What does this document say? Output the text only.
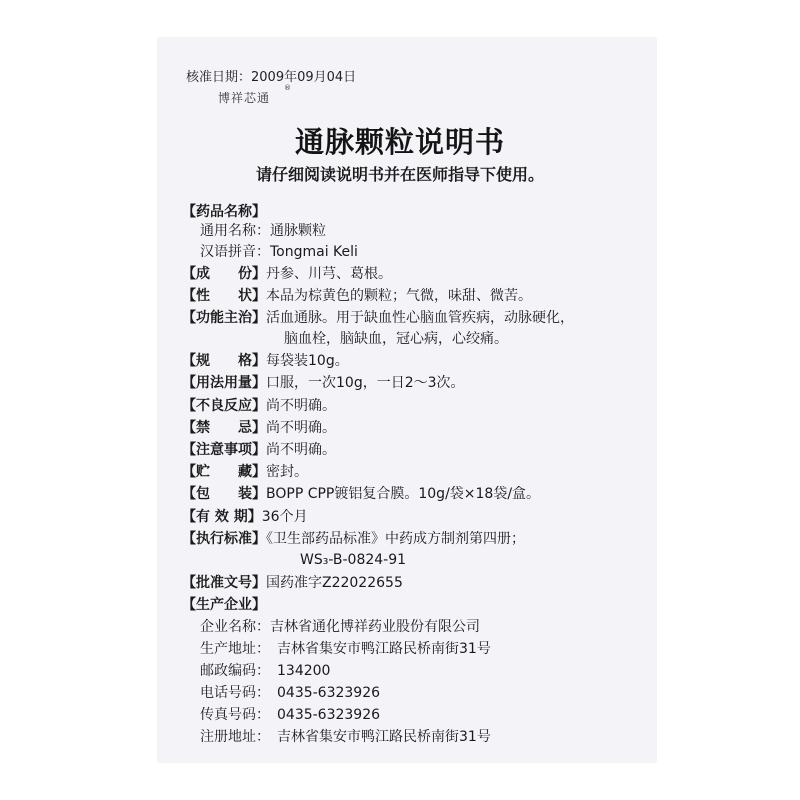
核准日期：2009年09月04日
博祥芯通
®
通脉颗粒说明书
请仔细阅读说明书并在医师指导下使用。
【药品名称】
通用名称：通脉颗粒
汉语拼音：Tongmai Keli
【成　　份】丹参、川芎、葛根。
【性　　状】本品为棕黄色的颗粒；气微，味甜、微苦。
【功能主治】活血通脉。用于缺血性心脑血管疾病，动脉硬化，
脑血栓，脑缺血，冠心病，心绞痛。
【规　　格】每袋装10g。
【用法用量】口服，一次10g，一日2～3次。
【不良反应】尚不明确。
【禁　　忌】尚不明确。
【注意事项】尚不明确。
【贮　　藏】密封。
【包　　装】BOPP CPP镀铝复合膜。10g/袋×18袋/盒。
【有 效 期】36个月
【执行标准】《卫生部药品标准》中药成方制剂第四册；
WS₃-B-0824-91
【批准文号】国药准字Z22022655
【生产企业】
企业名称：吉林省通化博祥药业股份有限公司
生产地址：　吉林省集安市鸭江路民桥南街31号
邮政编码：　134200
电话号码：　0435-6323926
传真号码：　0435-6323926
注册地址：　吉林省集安市鸭江路民桥南街31号
